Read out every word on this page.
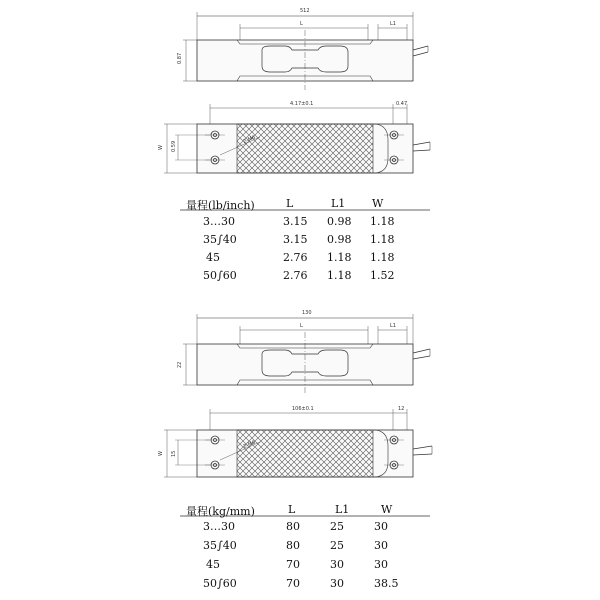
512
L	L1
0.87
4.17±0.1	0.47
W 0.59
2-M6
130
L	L1
22
106±0.1	12
W 15
2-M6
量程(lb/inch)	L	L1 W
3…30	3.15 0.98 1.18
35∫40	3.15 0.98 1.18
45	2.76 1.18 1.18
50∫60	2.76 1.18 1.52
量程(kg/mm)	L	L1	W
3…30	80	25	30
35∫40	80	25	30
45	70	30	30
50∫60	70	30	38.5
